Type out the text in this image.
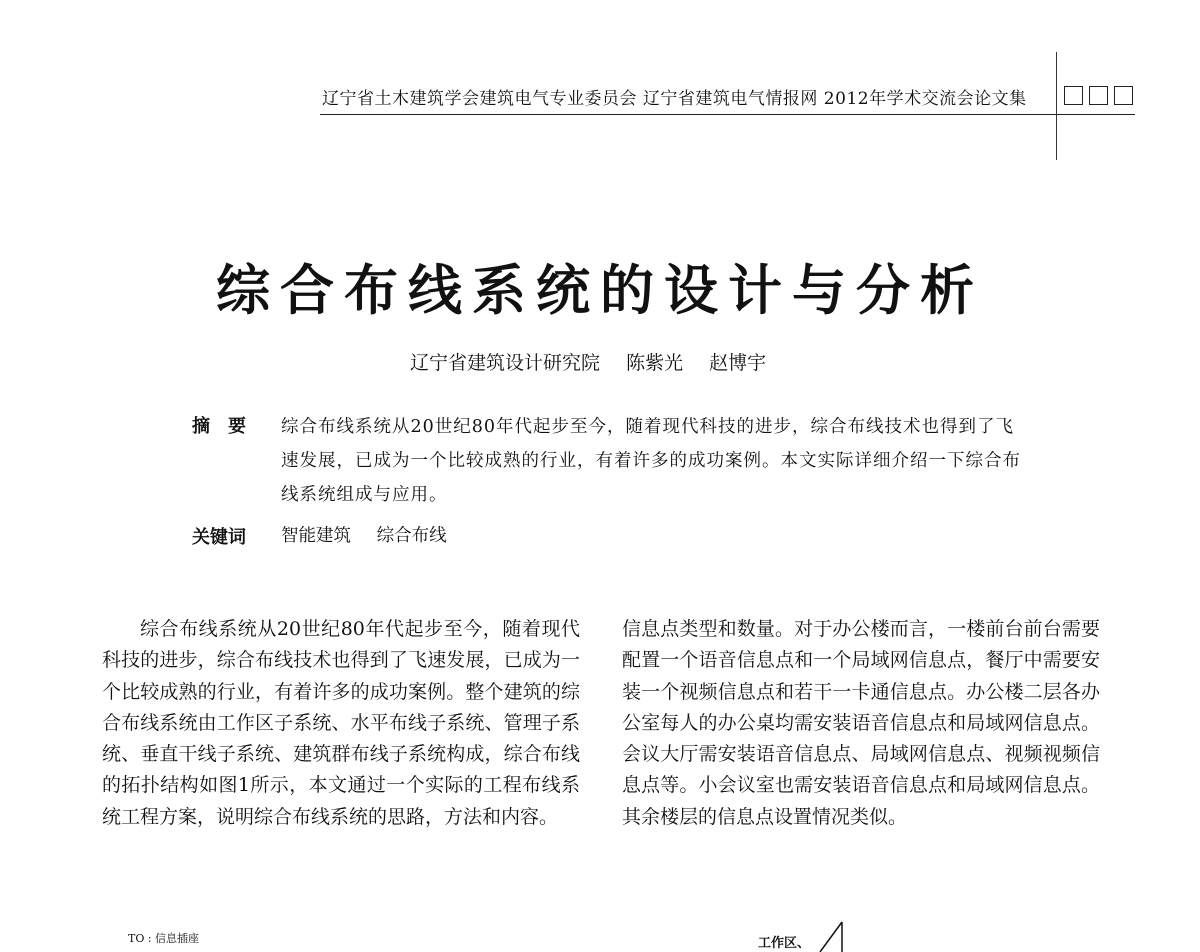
辽宁省土木建筑学会建筑电气专业委员会 辽宁省建筑电气情报网 2012年学术交流会论文集
综合布线系统的设计与分析
辽宁省建筑设计研究院 陈紫光 赵博宇
摘　要 综合布线系统从20世纪80年代起步至今，随着现代科技的进步，综合布线技术也得到了飞速发展，已成为一个比较成熟的行业，有着许多的成功案例。本文实际详细介绍一下综合布线系统组成与应用。
关键词 智能建筑 综合布线

综合布线系统从20世纪80年代起步至今，随着现代科技的进步，综合布线技术也得到了飞速发展，已成为一个比较成熟的行业，有着许多的成功案例。整个建筑的综合布线系统由工作区子系统、水平布线子系统、管理子系统、垂直干线子系统、建筑群布线子系统构成，综合布线的拓扑结构如图1所示，本文通过一个实际的工程布线系统工程方案，说明综合布线系统的思路，方法和内容。

信息点类型和数量。对于办公楼而言，一楼前台前台需要配置一个语音信息点和一个局域网信息点，餐厅中需要安装一个视频信息点和若干一卡通信息点。办公楼二层各办公室每人的办公桌均需安装语音信息点和局域网信息点。会议大厅需安装语音信息点、局域网信息点、视频视频信息点等。小会议室也需安装语音信息点和局域网信息点。其余楼层的信息点设置情况类似。

TO : 信息插座	工作区、
